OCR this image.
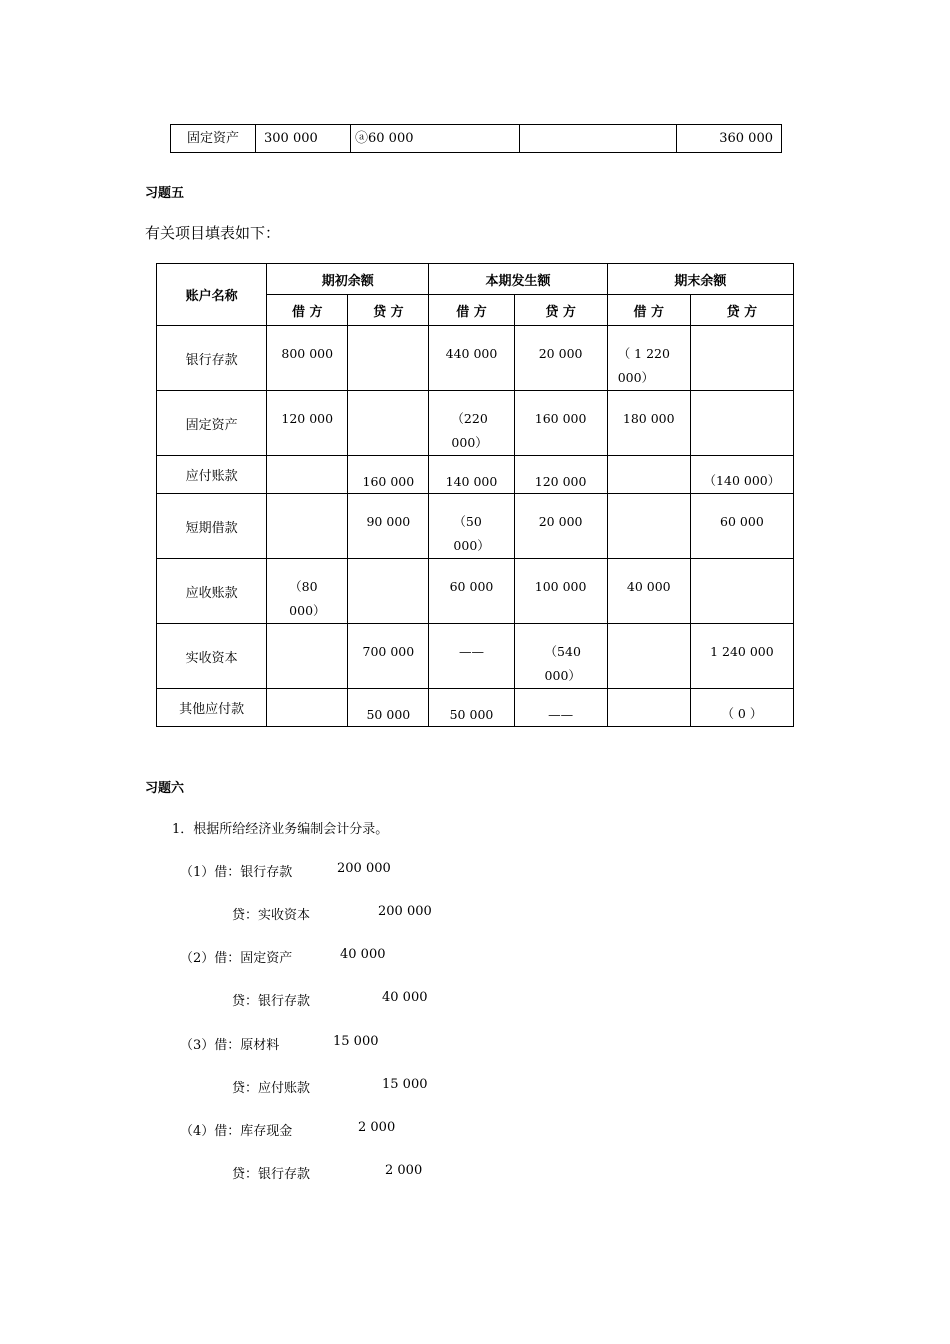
固定资产	300 000	ⓐ60 000		360 000
习题五
有关项目填表如下：
账户名称	期初余额		本期发生额		期末余额	
	借 方	贷 方	借 方	贷 方	借 方	贷 方
银行存款	800 000		440 000	20 000	（ 1 220 000）	
固定资产	120 000		（220 000）	160 000	180 000	
应付账款		160 000	140 000	120 000		（140 000）
短期借款		90 000	（50 000）	20 000		60 000
应收账款	（80 000）		60 000	100 000	40 000	
实收资本		700 000	——	（540 000）		1 240 000
其他应付款		50 000	50 000	——		（ 0 ）
习题六
1．根据所给经济业务编制会计分录。
（1）借：银行存款	200 000
贷：实收资本	200 000
（2）借：固定资产	40 000
贷：银行存款	40 000
（3）借：原材料	15 000
贷：应付账款	15 000
（4）借：库存现金	2 000
贷：银行存款	2 000
